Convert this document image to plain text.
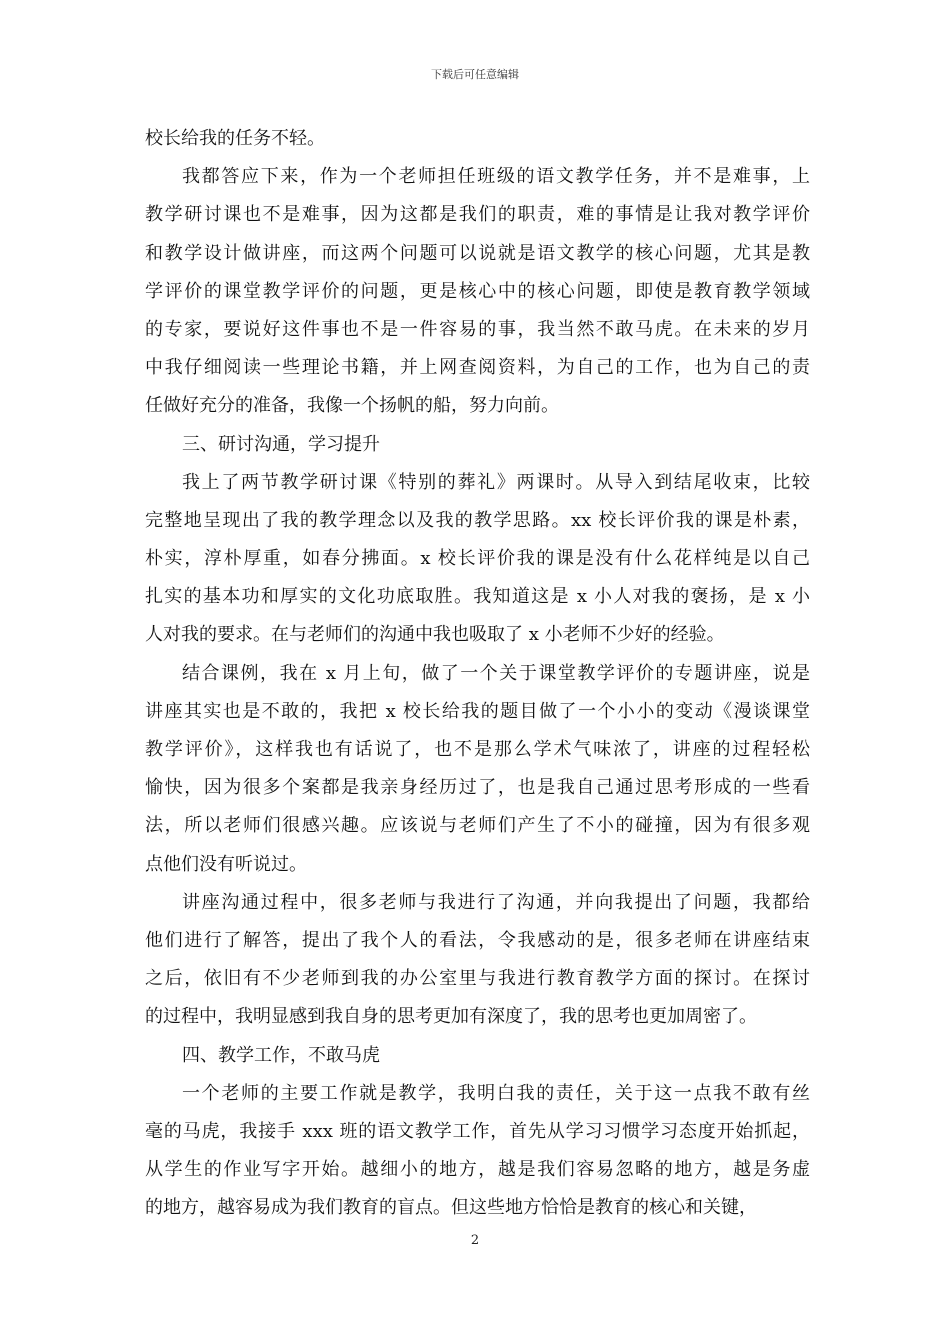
下载后可任意编辑
校长给我的任务不轻。
我都答应下来，作为一个老师担任班级的语文教学任务，并不是难事，上
教学研讨课也不是难事，因为这都是我们的职责，难的事情是让我对教学评价
和教学设计做讲座，而这两个问题可以说就是语文教学的核心问题，尤其是教
学评价的课堂教学评价的问题，更是核心中的核心问题，即使是教育教学领域
的专家，要说好这件事也不是一件容易的事，我当然不敢马虎。在未来的岁月
中我仔细阅读一些理论书籍，并上网查阅资料，为自己的工作，也为自己的责
任做好充分的准备，我像一个扬帆的船，努力向前。
三、研讨沟通，学习提升
我上了两节教学研讨课《特别的葬礼》两课时。从导入到结尾收束，比较
完整地呈现出了我的教学理念以及我的教学思路。xx 校长评价我的课是朴素，
朴实，淳朴厚重，如春分拂面。x 校长评价我的课是没有什么花样纯是以自己
扎实的基本功和厚实的文化功底取胜。我知道这是 x 小人对我的褒扬，是 x 小
人对我的要求。在与老师们的沟通中我也吸取了 x 小老师不少好的经验。
结合课例，我在 x 月上旬，做了一个关于课堂教学评价的专题讲座，说是
讲座其实也是不敢的，我把 x 校长给我的题目做了一个小小的变动《漫谈课堂
教学评价》，这样我也有话说了，也不是那么学术气味浓了，讲座的过程轻松
愉快，因为很多个案都是我亲身经历过了，也是我自己通过思考形成的一些看
法，所以老师们很感兴趣。应该说与老师们产生了不小的碰撞，因为有很多观
点他们没有听说过。
讲座沟通过程中，很多老师与我进行了沟通，并向我提出了问题，我都给
他们进行了解答，提出了我个人的看法，令我感动的是，很多老师在讲座结束
之后，依旧有不少老师到我的办公室里与我进行教育教学方面的探讨。在探讨
的过程中，我明显感到我自身的思考更加有深度了，我的思考也更加周密了。
四、教学工作，不敢马虎
一个老师的主要工作就是教学，我明白我的责任，关于这一点我不敢有丝
毫的马虎，我接手 xxx 班的语文教学工作，首先从学习习惯学习态度开始抓起，
从学生的作业写字开始。越细小的地方，越是我们容易忽略的地方，越是务虚
的地方，越容易成为我们教育的盲点。但这些地方恰恰是教育的核心和关键，
2
